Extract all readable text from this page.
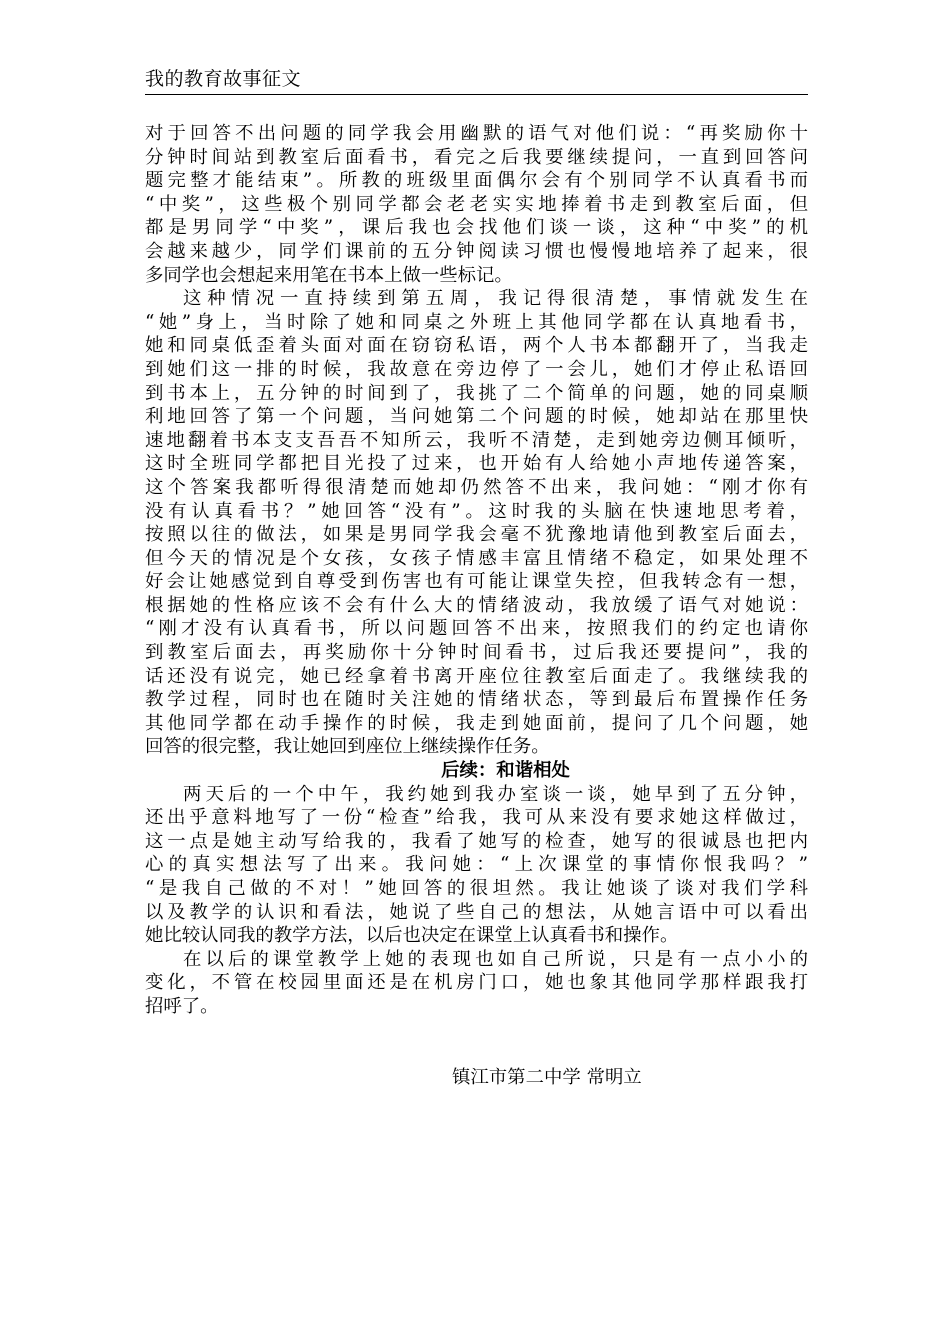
我的教育故事征文
对于回答不出问题的同学我会用幽默的语气对他们说：“再奖励你十
分钟时间站到教室后面看书，看完之后我要继续提问，一直到回答问
题完整才能结束”。所教的班级里面偶尔会有个别同学不认真看书而
“中奖”，这些极个别同学都会老老实实地捧着书走到教室后面，但
都是男同学“中奖”，课后我也会找他们谈一谈，这种“中奖”的机
会越来越少，同学们课前的五分钟阅读习惯也慢慢地培养了起来，很
多同学也会想起来用笔在书本上做一些标记。
这种情况一直持续到第五周，我记得很清楚，事情就发生在
“她”身上，当时除了她和同桌之外班上其他同学都在认真地看书，
她和同桌低歪着头面对面在窃窃私语，两个人书本都翻开了，当我走
到她们这一排的时候，我故意在旁边停了一会儿，她们才停止私语回
到书本上，五分钟的时间到了，我挑了二个简单的问题，她的同桌顺
利地回答了第一个问题，当问她第二个问题的时候，她却站在那里快
速地翻着书本支支吾吾不知所云，我听不清楚，走到她旁边侧耳倾听，
这时全班同学都把目光投了过来，也开始有人给她小声地传递答案，
这个答案我都听得很清楚而她却仍然答不出来，我问她：“刚才你有
没有认真看书？”她回答“没有”。这时我的头脑在快速地思考着，
按照以往的做法，如果是男同学我会毫不犹豫地请他到教室后面去，
但今天的情况是个女孩，女孩子情感丰富且情绪不稳定，如果处理不
好会让她感觉到自尊受到伤害也有可能让课堂失控，但我转念有一想，
根据她的性格应该不会有什么大的情绪波动，我放缓了语气对她说：
“刚才没有认真看书，所以问题回答不出来，按照我们的约定也请你
到教室后面去，再奖励你十分钟时间看书，过后我还要提问”，我的
话还没有说完，她已经拿着书离开座位往教室后面走了。我继续我的
教学过程，同时也在随时关注她的情绪状态，等到最后布置操作任务
其他同学都在动手操作的时候，我走到她面前，提问了几个问题，她
回答的很完整，我让她回到座位上继续操作任务。
后续：和谐相处
两天后的一个中午，我约她到我办室谈一谈，她早到了五分钟，
还出乎意料地写了一份“检查”给我，我可从来没有要求她这样做过，
这一点是她主动写给我的，我看了她写的检查，她写的很诚恳也把内
心的真实想法写了出来。我问她：“上次课堂的事情你恨我吗？”
“是我自己做的不对！”她回答的很坦然。我让她谈了谈对我们学科
以及教学的认识和看法，她说了些自己的想法，从她言语中可以看出
她比较认同我的教学方法，以后也决定在课堂上认真看书和操作。
在以后的课堂教学上她的表现也如自己所说，只是有一点小小的
变化，不管在校园里面还是在机房门口，她也象其他同学那样跟我打
招呼了。
镇江市第二中学 常明立
